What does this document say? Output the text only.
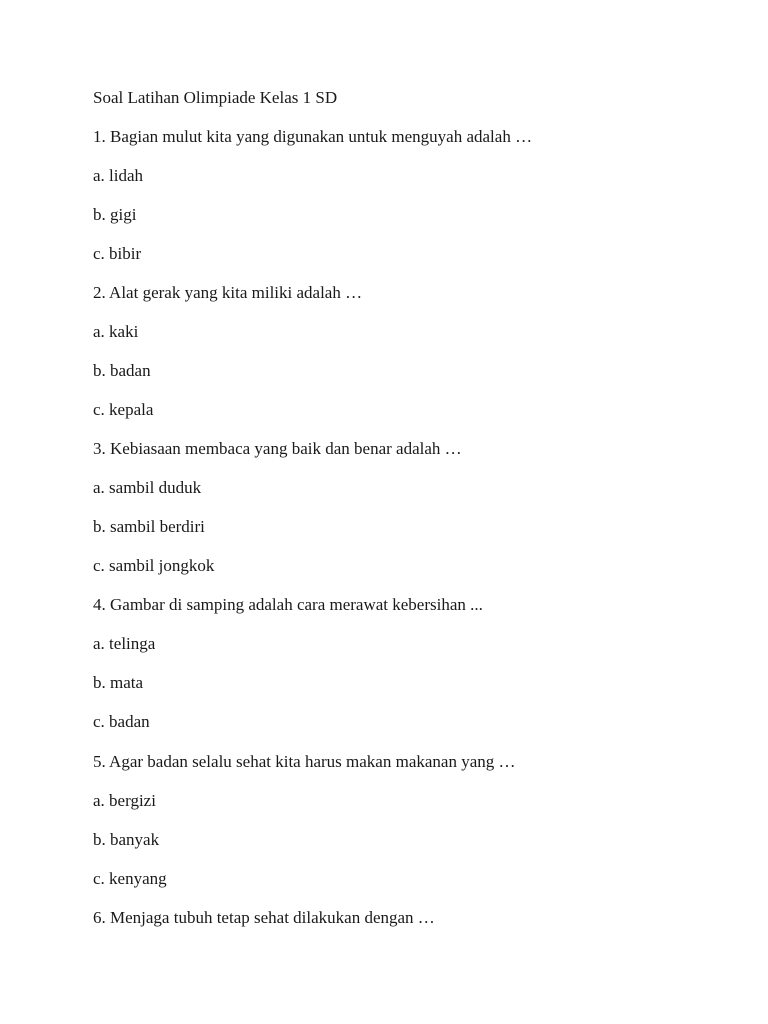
Soal Latihan Olimpiade Kelas 1 SD
1. Bagian mulut kita yang digunakan untuk menguyah adalah …
a. lidah
b. gigi
c. bibir
2. Alat gerak yang kita miliki adalah …
a. kaki
b. badan
c. kepala
3. Kebiasaan membaca yang baik dan benar adalah …
a. sambil duduk
b. sambil berdiri
c. sambil jongkok
4. Gambar di samping adalah cara merawat kebersihan ...
a. telinga
b. mata
c. badan
5. Agar badan selalu sehat kita harus makan makanan yang …
a. bergizi
b. banyak
c. kenyang
6. Menjaga tubuh tetap sehat dilakukan dengan …
